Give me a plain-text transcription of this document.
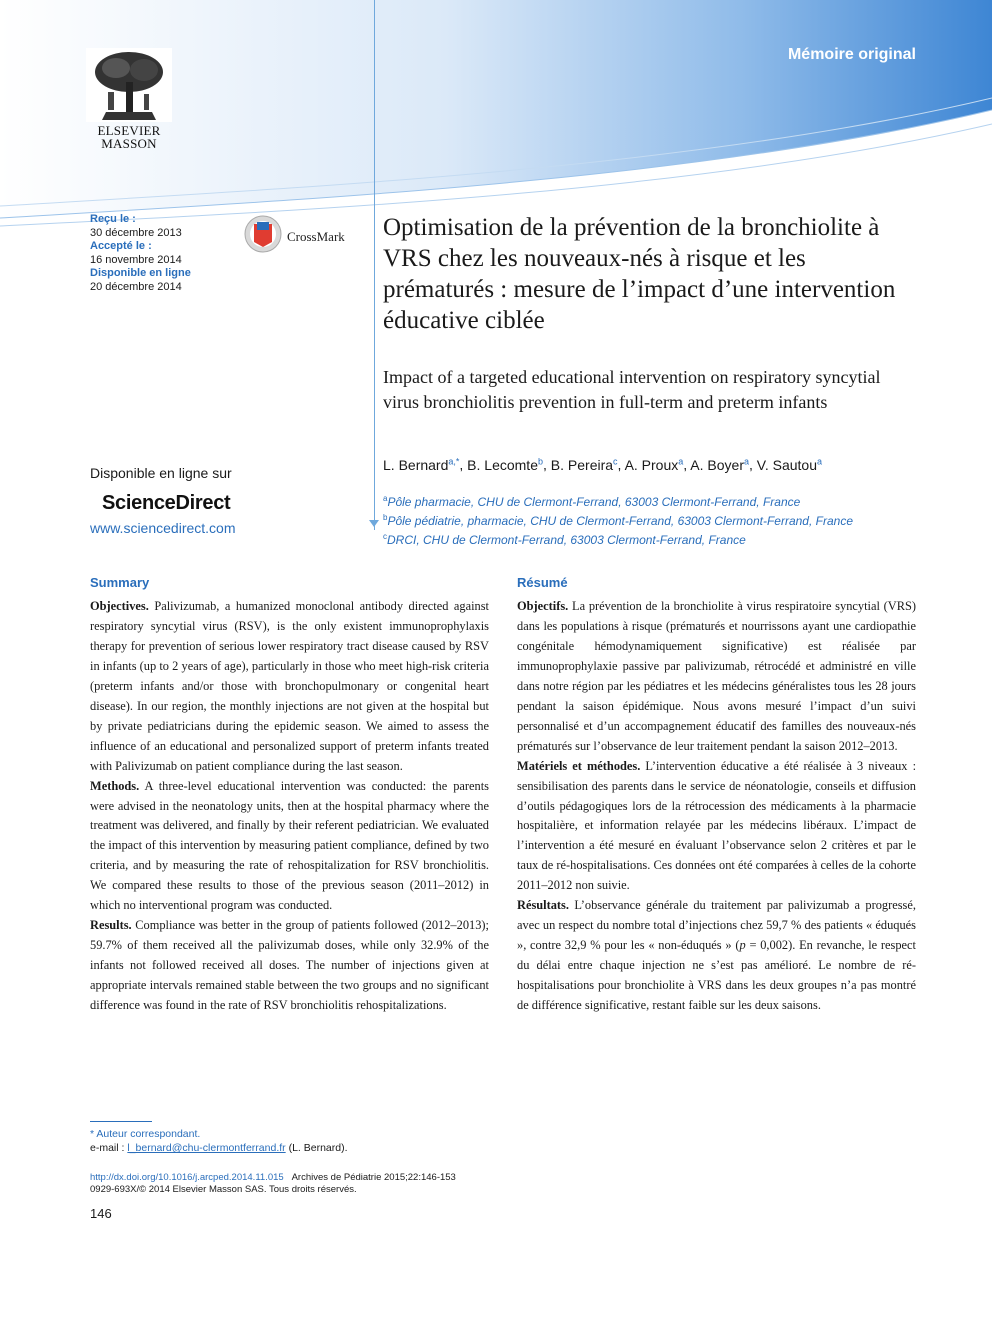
Mémoire original
ELSEVIER
MASSON
Reçu le :
30 décembre 2013
Accepté le :
16 novembre 2014
Disponible en ligne
20 décembre 2014
CrossMark Optimisation de la prévention de la bronchiolite à VRS chez les nouveaux-nés à risque et les prématurés : mesure de l’impact d’une intervention éducative ciblée
Impact of a targeted educational intervention on respiratory syncytial virus bronchiolitis prevention in full-term and preterm infants
Disponible en ligne sur
ScienceDirect
www.sciencedirect.com
L. Bernard$^{a,*}$, B. Lecomte$^b$, B. Pereira$^c$, A. Proux$^a$, A. Boyer$^a$, V. Sautou$^a$
$^a$Pôle pharmacie, CHU de Clermont-Ferrand, 63003 Clermont-Ferrand, France
$^b$Pôle pédiatrie, pharmacie, CHU de Clermont-Ferrand, 63003 Clermont-Ferrand, France
$^c$DRCI, CHU de Clermont-Ferrand, 63003 Clermont-Ferrand, France
Summary

Objectives. Palivizumab, a humanized monoclonal antibody directed against respiratory syncytial virus (RSV), is the only existent immunoprophylaxis therapy for prevention of serious lower respiratory tract disease caused by RSV in infants (up to 2 years of age), particularly in those who meet high-risk criteria (preterm infants and/or those with bronchopulmonary or congenital heart disease). In our region, the monthly injections are not given at the hospital but by private pediatricians during the epidemic season. We aimed to assess the influence of an educational and personalized support of preterm infants treated with Palivizumab on patient compliance during the last season.

Methods. A three-level educational intervention was conducted: the parents were advised in the neonatology units, then at the hospital pharmacy where the treatment was delivered, and finally by their referent pediatrician. We evaluated the impact of this intervention by measuring patient compliance, defined by two criteria, and by measuring the rate of rehospitalization for RSV bronchiolitis. We compared these results to those of the previous season (2011–2012) in which no interventional program was conducted.

Results. Compliance was better in the group of patients followed (2012–2013); 59.7% of them received all the palivizumab doses, while only 32.9% of the infants not followed received all doses. The number of injections given at appropriate intervals remained stable between the two groups and no significant difference was found in the rate of RSV bronchiolitis rehospitalizations.

Résumé

Objectifs. La prévention de la bronchiolite à virus respiratoire syncytial (VRS) dans les populations à risque (prématurés et nourrissons ayant une cardiopathie congénitale hémodynamiquement significative) est réalisée par immunoprophylaxie passive par palivizumab, rétrocédé et administré en ville dans notre région par les pédiatres et les médecins généralistes tous les 28 jours pendant la saison épidémique. Nous avons mesuré l’impact d’un suivi personnalisé et d’un accompagnement éducatif des familles des nouveaux-nés prématurés sur l’observance de leur traitement pendant la saison 2012–2013.

Matériels et méthodes. L’intervention éducative a été réalisée à 3 niveaux : sensibilisation des parents dans le service de néonatologie, conseils et diffusion d’outils pédagogiques lors de la rétrocession des médicaments à la pharmacie hospitalière, et information relayée par les médecins libéraux. L’impact de l’intervention a été mesuré en évaluant l’observance selon 2 critères et par le taux de ré-hospitalisations. Ces données ont été comparées à celles de la cohorte 2011–2012 non suivie.

Résultats. L’observance générale du traitement par palivizumab a progressé, avec un respect du nombre total d’injections chez 59,7 % des patients « éduqués », contre 32,9 % pour les « non-éduqués » (p = 0,002). En revanche, le respect du délai entre chaque injection ne s’est pas amélioré. Le nombre de ré-hospitalisations pour bronchiolite à VRS dans les deux groupes n’a pas montré de différence significative, restant faible sur les deux saisons.

* Auteur correspondant.
e-mail : l_bernard@chu-clermontferrand.fr (L. Bernard).
http://dx.doi.org/10.1016/j.arcped.2014.11.015 Archives de Pédiatrie 2015;22:146-153
0929-693X/© 2014 Elsevier Masson SAS. Tous droits réservés.
146
